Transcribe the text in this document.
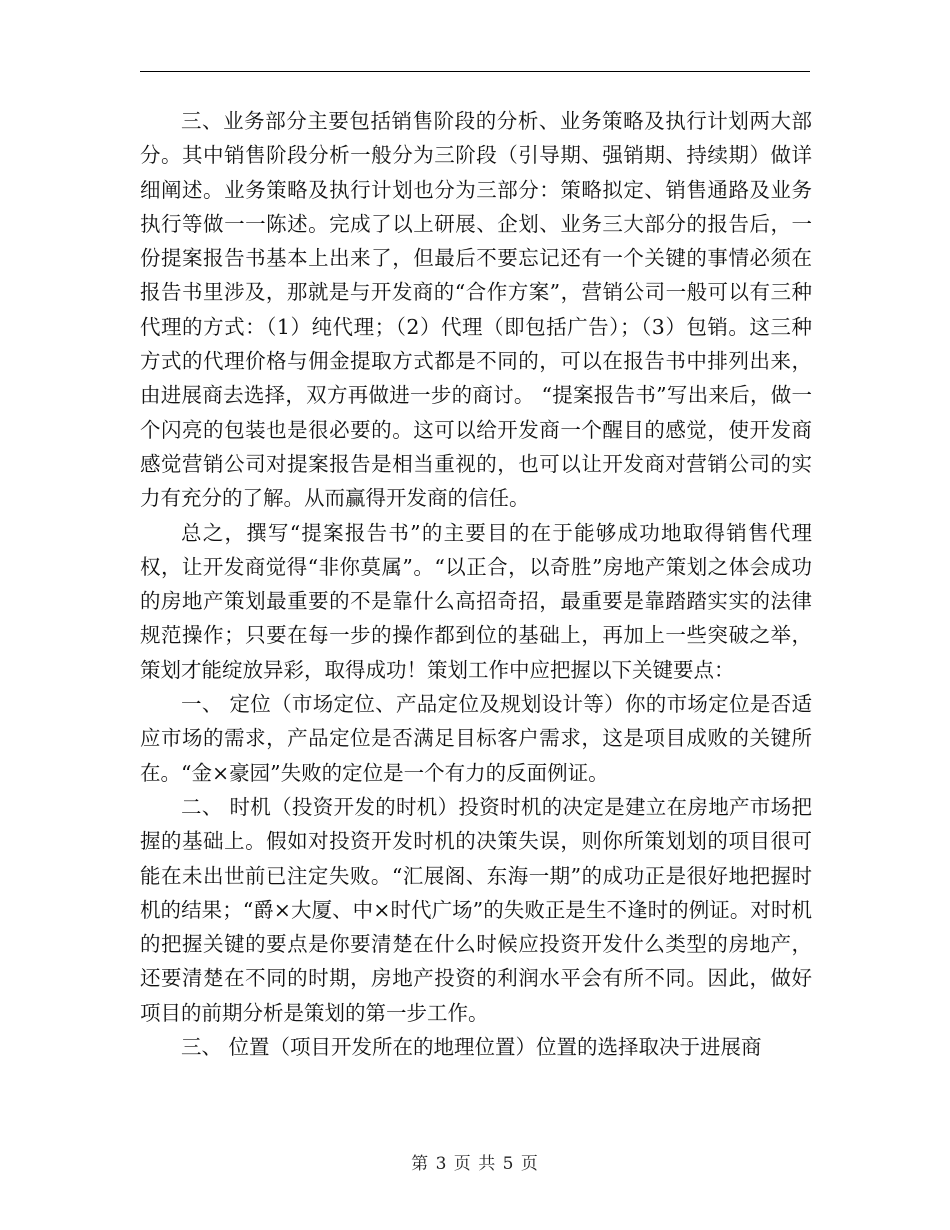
三、业务部分主要包括销售阶段的分析、业务策略及执行计划两大部分。其中销售阶段分析一般分为三阶段（引导期、强销期、持续期）做详细阐述。业务策略及执行计划也分为三部分：策略拟定、销售通路及业务执行等做一一陈述。完成了以上研展、企划、业务三大部分的报告后，一份提案报告书基本上出来了，但最后不要忘记还有一个关键的事情必须在报告书里涉及，那就是与开发商的“合作方案”，营销公司一般可以有三种代理的方式：（1）纯代理；（2）代理（即包括广告）；（3）包销。这三种方式的代理价格与佣金提取方式都是不同的，可以在报告书中排列出来，由进展商去选择，双方再做进一步的商讨。 “提案报告书”写出来后，做一个闪亮的包装也是很必要的。这可以给开发商一个醒目的感觉，使开发商感觉营销公司对提案报告是相当重视的，也可以让开发商对营销公司的实力有充分的了解。从而赢得开发商的信任。

总之，撰写“提案报告书”的主要目的在于能够成功地取得销售代理权，让开发商觉得“非你莫属”。“以正合，以奇胜”房地产策划之体会成功的房地产策划最重要的不是靠什么高招奇招，最重要是靠踏踏实实的法律规范操作；只要在每一步的操作都到位的基础上，再加上一些突破之举，策划才能绽放异彩，取得成功！策划工作中应把握以下关键要点：

一、 定位（市场定位、产品定位及规划设计等）你的市场定位是否适应市场的需求，产品定位是否满足目标客户需求，这是项目成败的关键所在。“金×豪园”失败的定位是一个有力的反面例证。

二、 时机（投资开发的时机）投资时机的决定是建立在房地产市场把握的基础上。假如对投资开发时机的决策失误，则你所策划划的项目很可能在未出世前已注定失败。“汇展阁、东海一期”的成功正是很好地把握时机的结果；“爵×大厦、中×时代广场”的失败正是生不逢时的例证。对时机的把握关键的要点是你要清楚在什么时候应投资开发什么类型的房地产，还要清楚在不同的时期，房地产投资的利润水平会有所不同。因此，做好项目的前期分析是策划的第一步工作。

三、 位置（项目开发所在的地理位置）位置的选择取决于进展商

第 3 页 共 5 页
